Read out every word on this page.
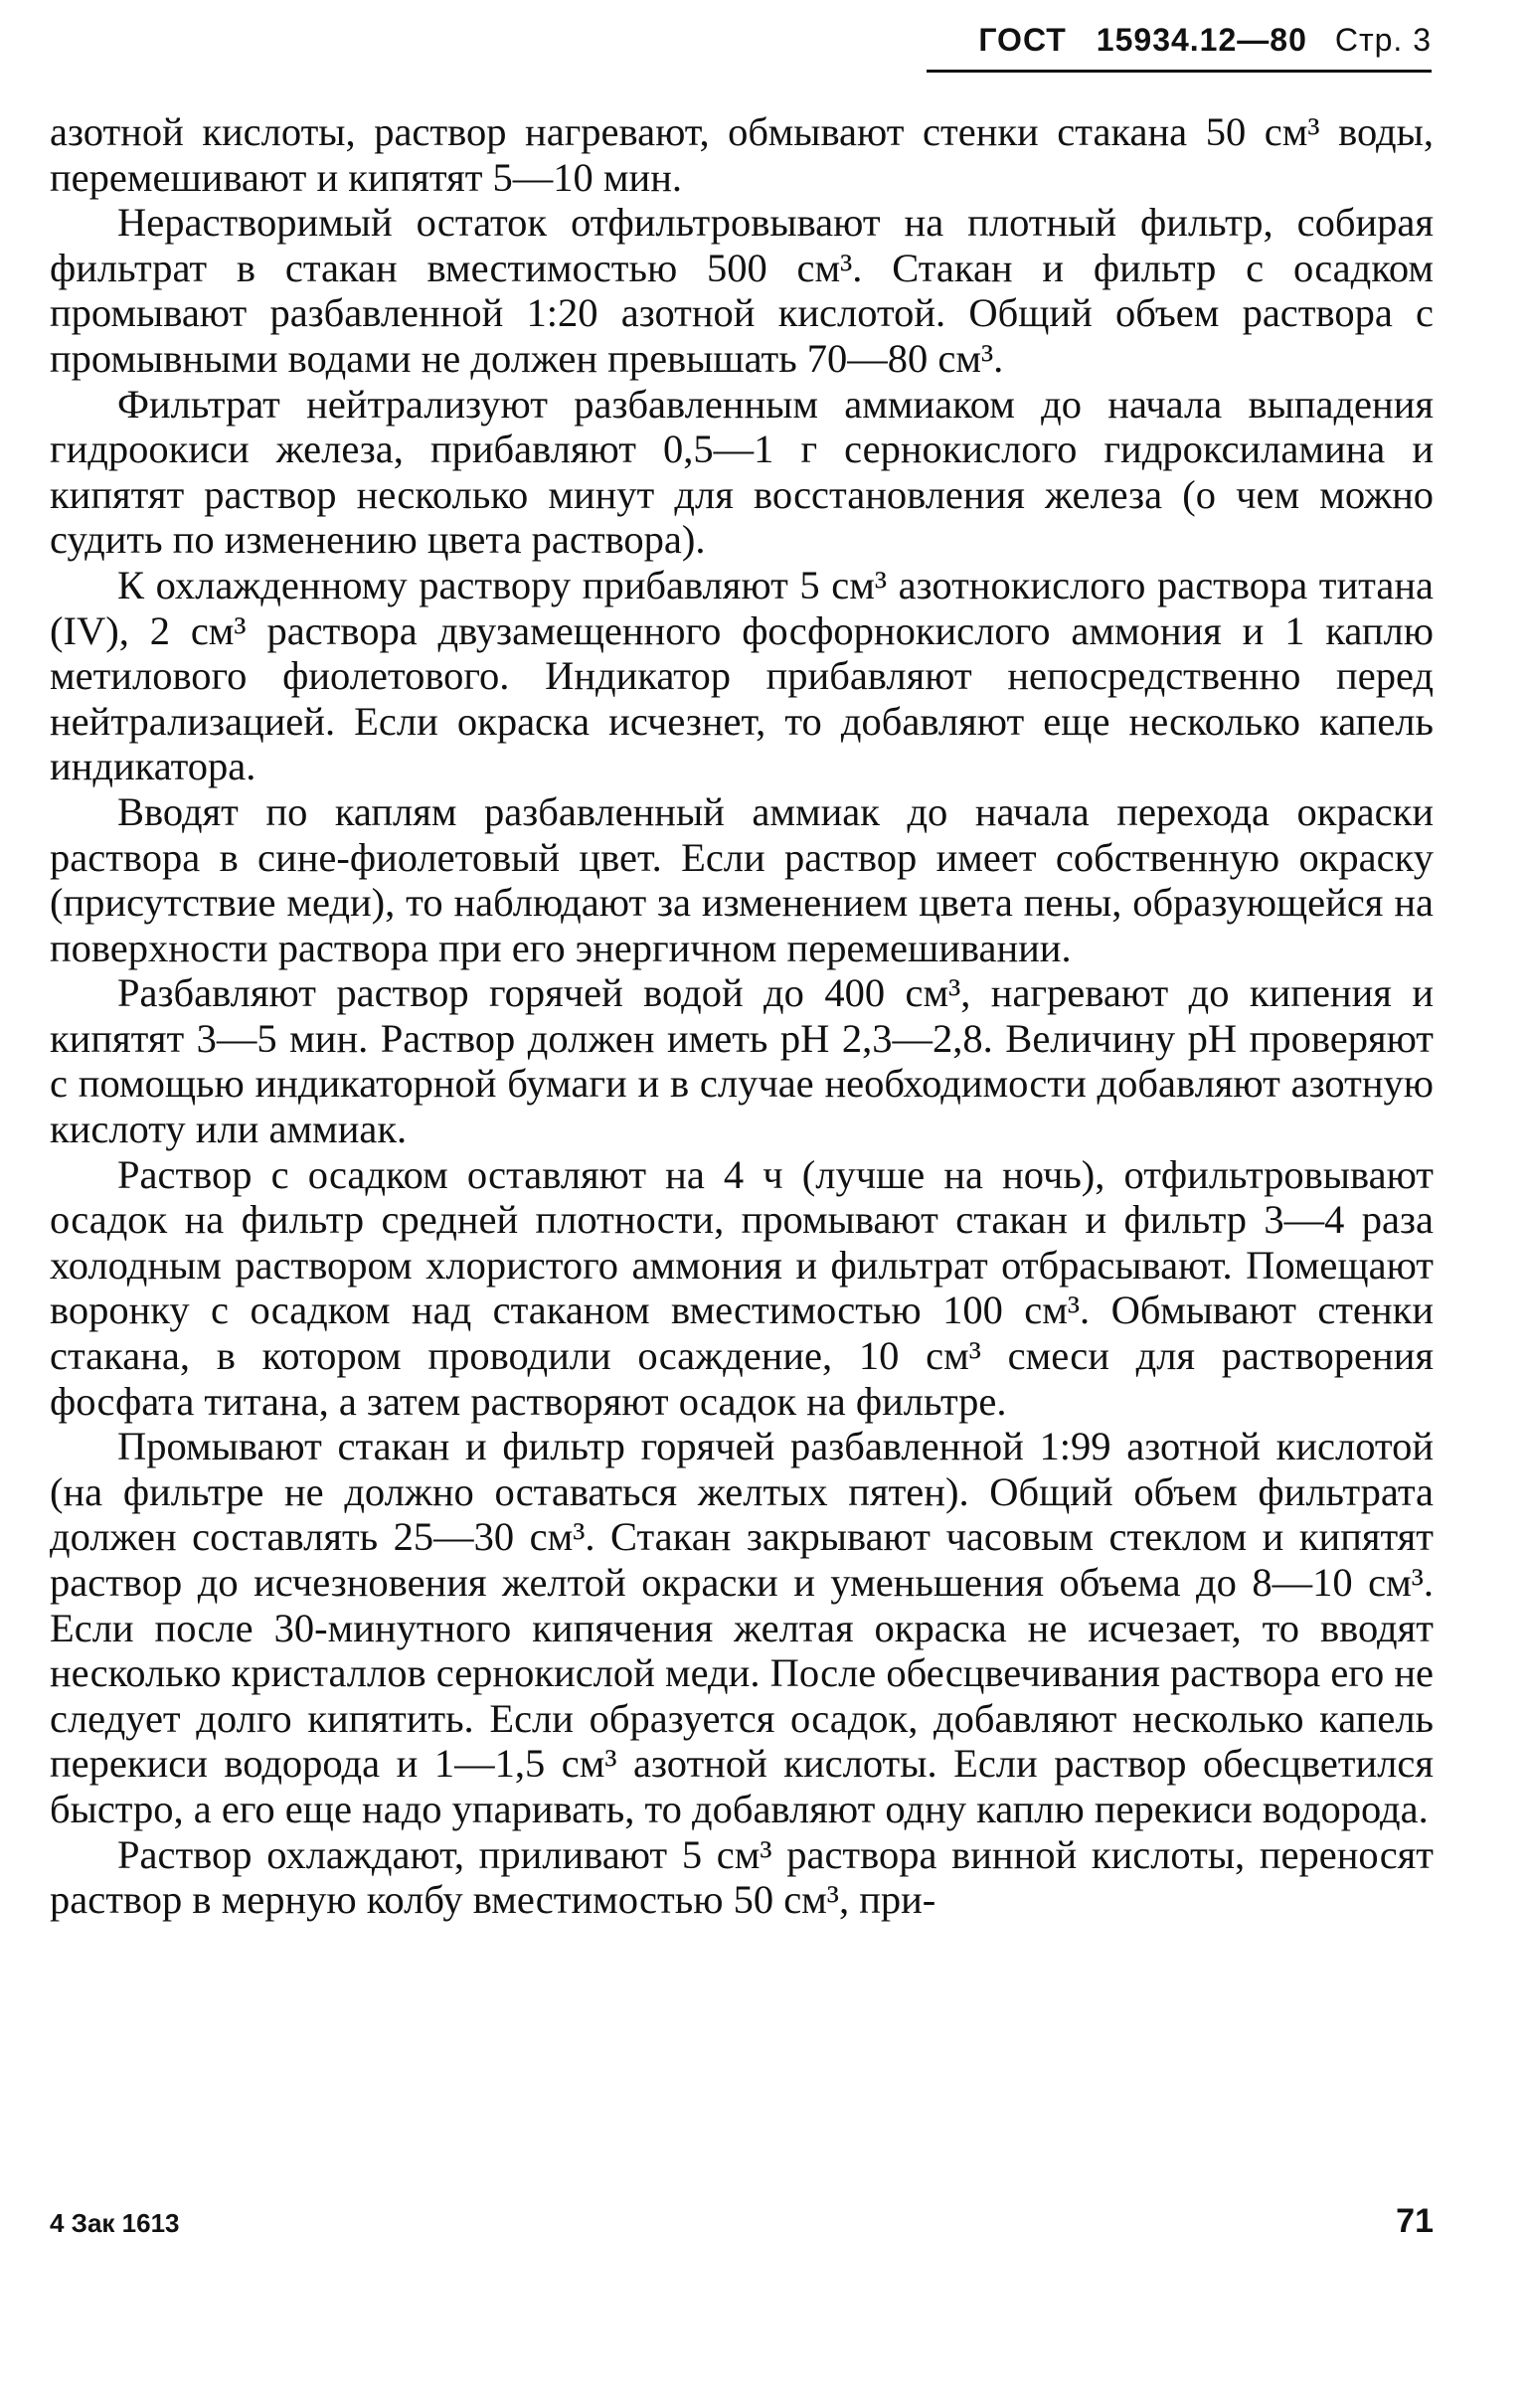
ГОСТ 15934.12—80 Стр. 3

азотной кислоты, раствор нагревают, обмывают стенки стакана 50 см³ воды, перемешивают и кипятят 5—10 мин.

Нерастворимый остаток отфильтровывают на плотный фильтр, собирая фильтрат в стакан вместимостью 500 см³. Стакан и фильтр с осадком промывают разбавленной 1:20 азотной кислотой. Общий объем раствора с промывными водами не должен превышать 70—80 см³.

Фильтрат нейтрализуют разбавленным аммиаком до начала выпадения гидроокиси железа, прибавляют 0,5—1 г сернокислого гидроксиламина и кипятят раствор несколько минут для восстановления железа (о чем можно судить по изменению цвета раствора).

К охлажденному раствору прибавляют 5 см³ азотнокислого раствора титана (IV), 2 см³ раствора двузамещенного фосфорнокислого аммония и 1 каплю метилового фиолетового. Индикатор прибавляют непосредственно перед нейтрализацией. Если окраска исчезнет, то добавляют еще несколько капель индикатора.

Вводят по каплям разбавленный аммиак до начала перехода окраски раствора в сине-фиолетовый цвет. Если раствор имеет собственную окраску (присутствие меди), то наблюдают за изменением цвета пены, образующейся на поверхности раствора при его энергичном перемешивании.

Разбавляют раствор горячей водой до 400 см³, нагревают до кипения и кипятят 3—5 мин. Раствор должен иметь pH 2,3—2,8. Величину pH проверяют с помощью индикаторной бумаги и в случае необходимости добавляют азотную кислоту или аммиак.

Раствор с осадком оставляют на 4 ч (лучше на ночь), отфильтровывают осадок на фильтр средней плотности, промывают стакан и фильтр 3—4 раза холодным раствором хлористого аммония и фильтрат отбрасывают. Помещают воронку с осадком над стаканом вместимостью 100 см³. Обмывают стенки стакана, в котором проводили осаждение, 10 см³ смеси для растворения фосфата титана, а затем растворяют осадок на фильтре.

Промывают стакан и фильтр горячей разбавленной 1:99 азотной кислотой (на фильтре не должно оставаться желтых пятен). Общий объем фильтрата должен составлять 25—30 см³. Стакан закрывают часовым стеклом и кипятят раствор до исчезновения желтой окраски и уменьшения объема до 8—10 см³. Если после 30-минутного кипячения желтая окраска не исчезает, то вводят несколько кристаллов сернокислой меди. После обесцвечивания раствора его не следует долго кипятить. Если образуется осадок, добавляют несколько капель перекиси водорода и 1—1,5 см³ азотной кислоты. Если раствор обесцветился быстро, а его еще надо упаривать, то добавляют одну каплю перекиси водорода.

Раствор охлаждают, приливают 5 см³ раствора винной кислоты, переносят раствор в мерную колбу вместимостью 50 см³, при-

4 Зак 1613	71
